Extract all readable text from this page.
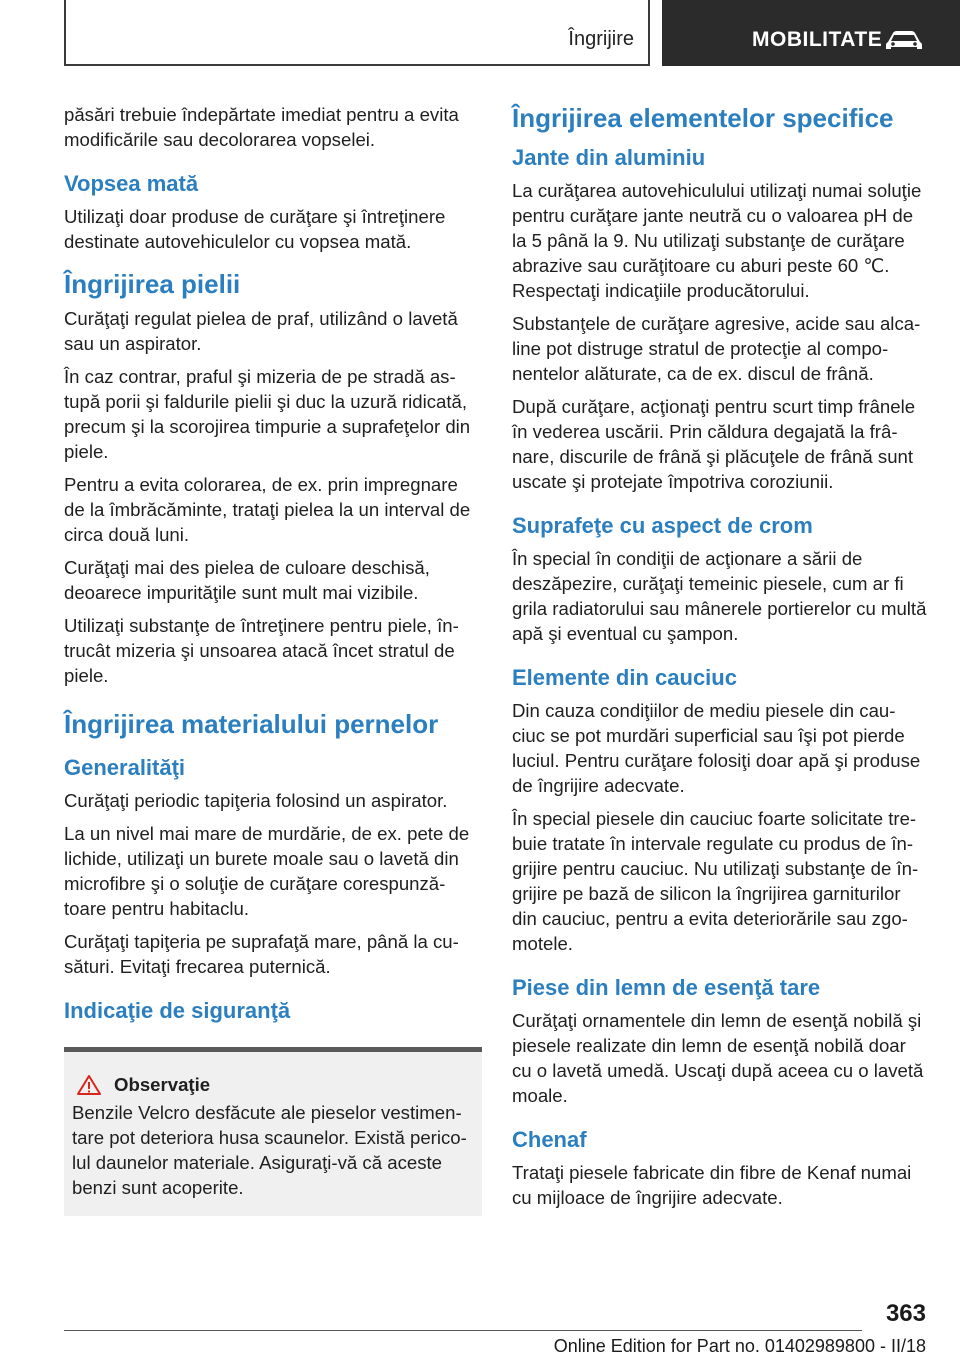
Îngrijire	MOBILITATE

păsări trebuie îndepărtate imediat pentru a evita modificările sau decolorarea vopselei.

Vopsea mată

Utilizaţi doar produse de curăţare şi întreţinere destinate autovehiculelor cu vopsea mată.

Îngrijirea pielii

Curăţaţi regulat pielea de praf, utilizând o lavetă sau un aspirator.

În caz contrar, praful şi mizeria de pe stradă as‐ tupă porii şi faldurile pielii şi duc la uzură ridicată, precum şi la scorojirea timpurie a suprafeţelor din piele.

Pentru a evita colorarea, de ex. prin impregnare de la îmbrăcăminte, trataţi pielea la un interval de circa două luni.

Curăţaţi mai des pielea de culoare deschisă, deoarece impurităţile sunt mult mai vizibile.

Utilizaţi substanţe de întreţinere pentru piele, în‐ trucât mizeria şi unsoarea atacă încet stratul de piele.

Îngrijirea materialului pernelor
Generalităţi

Curăţaţi periodic tapiţeria folosind un aspirator.

La un nivel mai mare de murdărie, de ex. pete de lichide, utilizaţi un burete moale sau o lavetă din microfibre şi o soluţie de curăţare corespunză‐ toare pentru habitaclu.

Curăţaţi tapiţeria pe suprafaţă mare, până la cu‐ sături. Evitaţi frecarea puternică.

Indicaţie de siguranţă
Observaţie

Benzile Velcro desfăcute ale pieselor vestimen‐ tare pot deteriora husa scaunelor. Există perico‐ lul daunelor materiale. Asiguraţi-vă că aceste benzi sunt acoperite.

Îngrijirea elementelor specifice
Jante din aluminiu

La curăţarea autovehiculului utilizaţi numai soluţie pentru curăţare jante neutră cu o valoarea pH de la 5 până la 9. Nu utilizaţi substanţe de curăţare abrazive sau curăţitoare cu aburi peste 60 ℃. Respectaţi indicaţiile producătorului.

Substanţele de curăţare agresive, acide sau alca‐ line pot distruge stratul de protecţie al compo‐ nentelor alăturate, ca de ex. discul de frână.

După curăţare, acţionaţi pentru scurt timp frânele în vederea uscării. Prin căldura degajată la frâ‐ nare, discurile de frână şi plăcuţele de frână sunt uscate şi protejate împotriva coroziunii.

Suprafeţe cu aspect de crom

În special în condiţii de acţionare a sării de deszăpezire, curăţaţi temeinic piesele, cum ar fi grila radiatorului sau mânerele portierelor cu multă apă şi eventual cu şampon.

Elemente din cauciuc

Din cauza condiţiilor de mediu piesele din cau‐ ciuc se pot murdări superficial sau îşi pot pierde luciul. Pentru curăţare folosiţi doar apă şi produse de îngrijire adecvate.

În special piesele din cauciuc foarte solicitate tre‐ buie tratate în intervale regulate cu produs de în‐ grijire pentru cauciuc. Nu utilizaţi substanţe de în‐ grijire pe bază de silicon la îngrijirea garniturilor din cauciuc, pentru a evita deteriorările sau zgo‐ motele.

Piese din lemn de esenţă tare

Curăţaţi ornamentele din lemn de esenţă nobilă şi piesele realizate din lemn de esenţă nobilă doar cu o lavetă umedă. Uscaţi după aceea cu o lavetă moale.

Chenaf

Trataţi piesele fabricate din fibre de Kenaf numai cu mijloace de îngrijire adecvate.

363
Online Edition for Part no. 01402989800 - II/18
